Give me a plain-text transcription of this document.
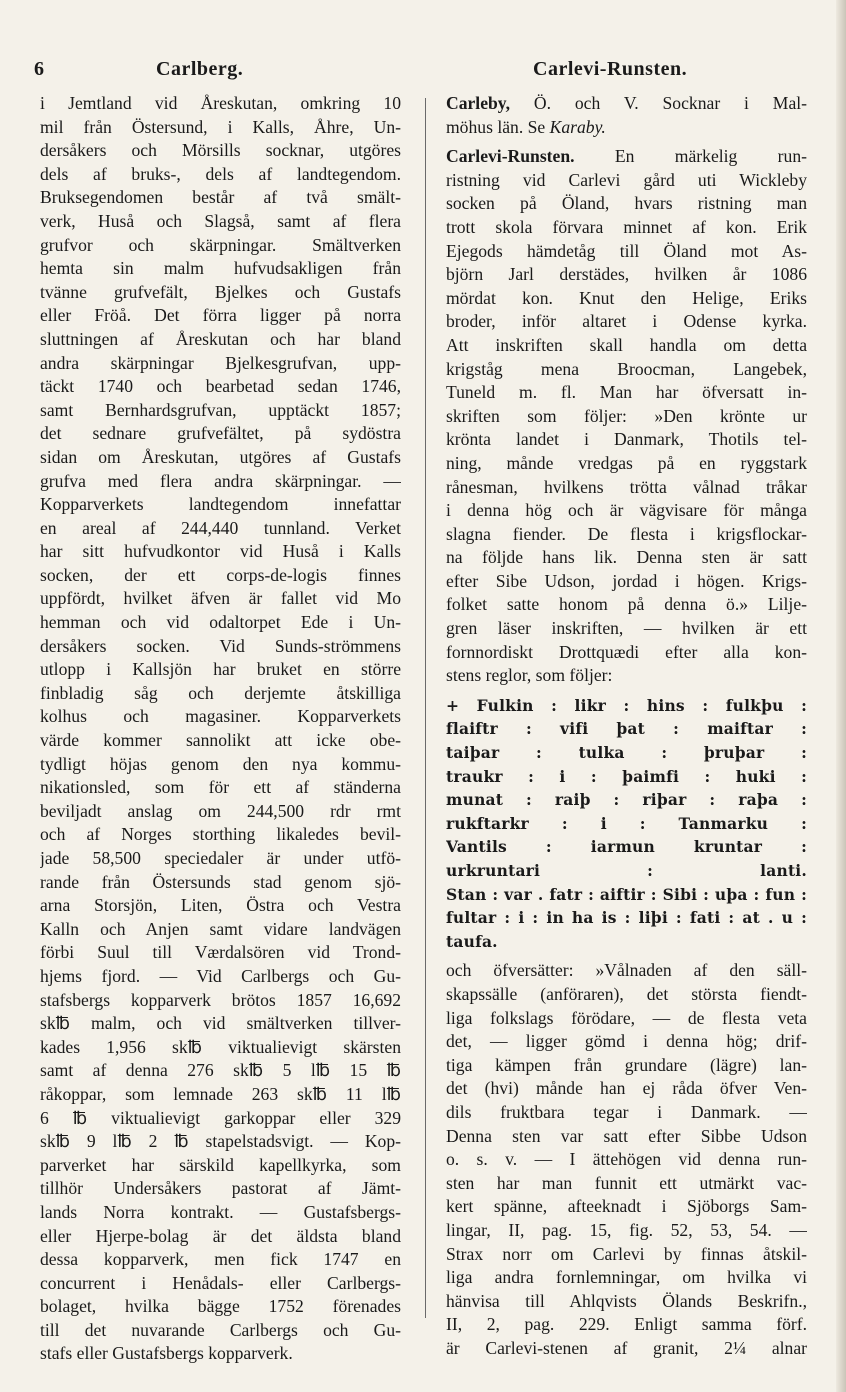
6	Carlberg.	Carlevi-Runsten.
i Jemtland vid Åreskutan, omkring 10
mil från Östersund, i Kalls, Åhre, Un-
dersåkers och Mörsills socknar, utgöres
dels af bruks-, dels af landtegendom.
Bruksegendomen består af två smält-
verk, Huså och Slagså, samt af flera
grufvor och skärpningar. Smältverken
hemta sin malm hufvudsakligen från
tvänne grufvefält, Bjelkes och Gustafs
eller Fröå. Det förra ligger på norra
sluttningen af Åreskutan och har bland
andra skärpningar Bjelkesgrufvan, upp-
täckt 1740 och bearbetad sedan 1746,
samt Bernhardsgrufvan, upptäckt 1857;
det sednare grufvefältet, på sydöstra
sidan om Åreskutan, utgöres af Gustafs
grufva med flera andra skärpningar. —
Kopparverkets landtegendom innefattar
en areal af 244,440 tunnland. Verket
har sitt hufvudkontor vid Huså i Kalls
socken, der ett corps-de-logis finnes
uppfördt, hvilket äfven är fallet vid Mo
hemman och vid odaltorpet Ede i Un-
dersåkers socken. Vid Sunds-strömmens
utlopp i Kallsjön har bruket en större
finbladig såg och derjemte åtskilliga
kolhus och magasiner. Kopparverkets
värde kommer sannolikt att icke obe-
tydligt höjas genom den nya kommu-
nikationsled, som för ett af ständerna
beviljadt anslag om 244,500 rdr rmt
och af Norges storthing likaledes bevil-
jade 58,500 speciedaler är under utfö-
rande från Östersunds stad genom sjö-
arna Storsjön, Liten, Östra och Vestra
Kalln och Anjen samt vidare landvägen
förbi Suul till Værdalsören vid Trond-
hjems fjord. — Vid Carlbergs och Gu-
stafsbergs kopparverk brötos 1857 16,692
sk℔ malm, och vid smältverken tillver-
kades 1,956 sk℔ viktualievigt skärsten
samt af denna 276 sk℔ 5 l℔ 15 ℔
råkoppar, som lemnade 263 sk℔ 11 l℔
6 ℔ viktualievigt garkoppar eller 329
sk℔ 9 l℔ 2 ℔ stapelstadsvigt. — Kop-
parverket har särskild kapellkyrka, som
tillhör Undersåkers pastorat af Jämt-
lands Norra kontrakt. — Gustafsbergs-
eller Hjerpe-bolag är det äldsta bland
dessa kopparverk, men fick 1747 en
concurrent i Henådals- eller Carlbergs-
bolaget, hvilka bägge 1752 förenades
till det nuvarande Carlbergs och Gu-
stafs eller Gustafsbergs kopparverk.
Carleby, Ö. och V. Socknar i Mal-
möhus län. Se Karaby.
Carlevi-Runsten. En märkelig run-
ristning vid Carlevi gård uti Wickleby
socken på Öland, hvars ristning man
trott skola förvara minnet af kon. Erik
Ejegods hämdetåg till Öland mot As-
björn Jarl derstädes, hvilken år 1086
mördat kon. Knut den Helige, Eriks
broder, inför altaret i Odense kyrka.
Att inskriften skall handla om detta
krigståg mena Broocman, Langebek,
Tuneld m. fl. Man har öfversatt in-
skriften som följer: »Den krönte ur
krönta landet i Danmark, Thotils tel-
ning, månde vredgas på en ryggstark
rånesman, hvilkens trötta vålnad tråkar
i denna hög och är vägvisare för många
slagna fiender. De flesta i krigsflockar-
na följde hans lik. Denna sten är satt
efter Sibe Udson, jordad i högen. Krigs-
folket satte honom på denna ö.» Lilje-
gren läser inskriften, — hvilken är ett
fornnordiskt Drottquædi efter alla kon-
stens reglor, som följer:
+ Fulkin : likr : hins : fulkþu :
flaiftr : vifi þat : maiftar :
taiþar : tulka : þruþar :
traukr : i : þaimfi : huki :
munat : raiþ : riþar : raþa :
rukftarkr : i : Tanmarku :
Vantils : iarmun kruntar :
urkruntari : lanti.
Stan : var . fatr : aiftir : Sibi : uþa : fun :
fultar : i : in ha is : liþi : fati : at . u :
taufa.
och öfversätter: »Vålnaden af den säll-
skapssälle (anföraren), det största fiendt-
liga folkslags förödare, — de flesta veta
det, — ligger gömd i denna hög; drif-
tiga kämpen från grundare (lägre) lan-
det (hvi) månde han ej råda öfver Ven-
dils fruktbara tegar i Danmark. —
Denna sten var satt efter Sibbe Udson
o. s. v. — I ättehögen vid denna run-
sten har man funnit ett utmärkt vac-
kert spänne, afteeknadt i Sjöborgs Sam-
lingar, II, pag. 15, fig. 52, 53, 54. —
Strax norr om Carlevi by finnas åtskil-
liga andra fornlemningar, om hvilka vi
hänvisa till Ahlqvists Ölands Beskrifn.,
II, 2, pag. 229. Enligt samma förf.
är Carlevi-stenen af granit, 2¼ alnar
